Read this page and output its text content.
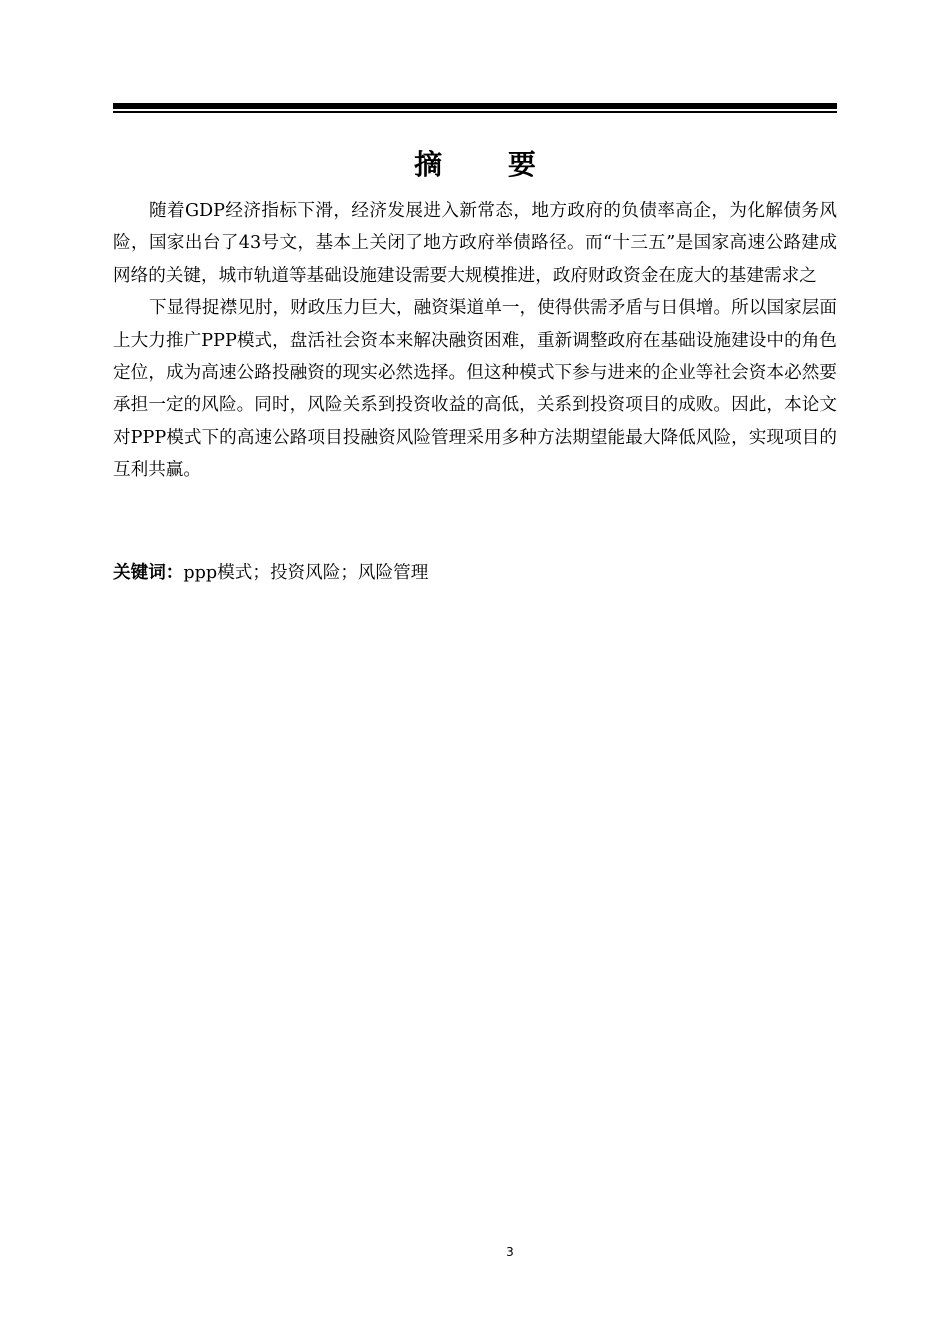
摘 要

随着GDP经济指标下滑，经济发展进入新常态，地方政府的负债率高企，为化解债务风险，国家出台了43号文，基本上关闭了地方政府举债路径。而“十三五”是国家高速公路建成网络的关键，城市轨道等基础设施建设需要大规模推进，政府财政资金在庞大的基建需求之

下显得捉襟见肘，财政压力巨大，融资渠道单一，使得供需矛盾与日俱增。所以国家层面上大力推广PPP模式，盘活社会资本来解决融资困难，重新调整政府在基础设施建设中的角色定位，成为高速公路投融资的现实必然选择。但这种模式下参与进来的企业等社会资本必然要承担一定的风险。同时，风险关系到投资收益的高低，关系到投资项目的成败。因此，本论文对PPP模式下的高速公路项目投融资风险管理采用多种方法期望能最大降低风险，实现项目的互利共赢。

关键词：ppp模式；投资风险；风险管理
3
